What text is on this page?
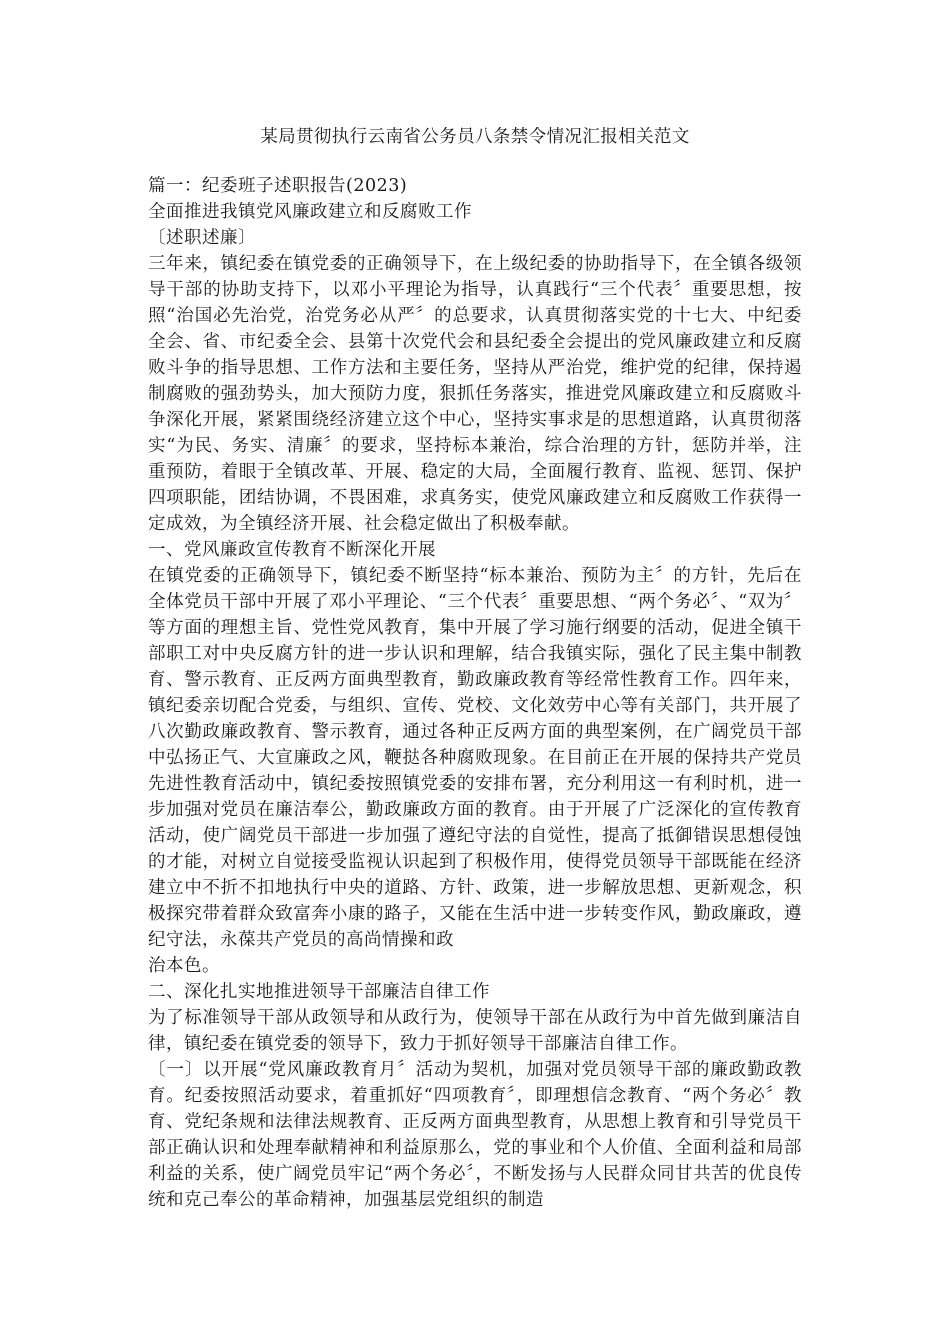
某局贯彻执行云南省公务员八条禁令情况汇报相关范文

篇一：纪委班子述职报告(2023)

全面推进我镇党风廉政建立和反腐败工作

〔述职述廉〕

三年来，镇纪委在镇党委的正确领导下，在上级纪委的协助指导下，在全镇各级领导干部的协助支持下，以邓小平理论为指导，认真践行“三个代表〞重要思想，按照“治国必先治党，治党务必从严〞的总要求，认真贯彻落实党的十七大、中纪委全会、省、市纪委全会、县第十次党代会和县纪委全会提出的党风廉政建立和反腐败斗争的指导思想、工作方法和主要任务，坚持从严治党，维护党的纪律，保持遏制腐败的强劲势头，加大预防力度，狠抓任务落实，推进党风廉政建立和反腐败斗争深化开展，紧紧围绕经济建立这个中心，坚持实事求是的思想道路，认真贯彻落实“为民、务实、清廉〞的要求，坚持标本兼治，综合治理的方针，惩防并举，注重预防，着眼于全镇改革、开展、稳定的大局，全面履行教育、监视、惩罚、保护四项职能，团结协调，不畏困难，求真务实，使党风廉政建立和反腐败工作获得一定成效，为全镇经济开展、社会稳定做出了积极奉献。

一、党风廉政宣传教育不断深化开展

在镇党委的正确领导下，镇纪委不断坚持“标本兼治、预防为主〞的方针，先后在全体党员干部中开展了邓小平理论、“三个代表〞重要思想、“两个务必〞、“双为〞等方面的理想主旨、党性党风教育，集中开展了学习施行纲要的活动，促进全镇干部职工对中央反腐方针的进一步认识和理解，结合我镇实际，强化了民主集中制教育、警示教育、正反两方面典型教育，勤政廉政教育等经常性教育工作。四年来，镇纪委亲切配合党委，与组织、宣传、党校、文化效劳中心等有关部门，共开展了八次勤政廉政教育、警示教育，通过各种正反两方面的典型案例，在广阔党员干部中弘扬正气、大宣廉政之风，鞭挞各种腐败现象。在目前正在开展的保持共产党员先进性教育活动中，镇纪委按照镇党委的安排布署，充分利用这一有利时机，进一步加强对党员在廉洁奉公，勤政廉政方面的教育。由于开展了广泛深化的宣传教育活动，使广阔党员干部进一步加强了遵纪守法的自觉性，提高了抵御错误思想侵蚀的才能，对树立自觉接受监视认识起到了积极作用，使得党员领导干部既能在经济建立中不折不扣地执行中央的道路、方针、政策，进一步解放思想、更新观念，积极探究带着群众致富奔小康的路子，又能在生活中进一步转变作风，勤政廉政，遵纪守法，永葆共产党员的高尚情操和政

治本色。

二、深化扎实地推进领导干部廉洁自律工作

为了标准领导干部从政领导和从政行为，使领导干部在从政行为中首先做到廉洁自律，镇纪委在镇党委的领导下，致力于抓好领导干部廉洁自律工作。

〔一〕以开展“党风廉政教育月〞活动为契机，加强对党员领导干部的廉政勤政教育。纪委按照活动要求，着重抓好“四项教育〞，即理想信念教育、“两个务必〞教育、党纪条规和法律法规教育、正反两方面典型教育，从思想上教育和引导党员干部正确认识和处理奉献精神和利益原那么，党的事业和个人价值、全面利益和局部利益的关系，使广阔党员牢记“两个务必〞，不断发扬与人民群众同甘共苦的优良传统和克己奉公的革命精神，加强基层党组织的制造
